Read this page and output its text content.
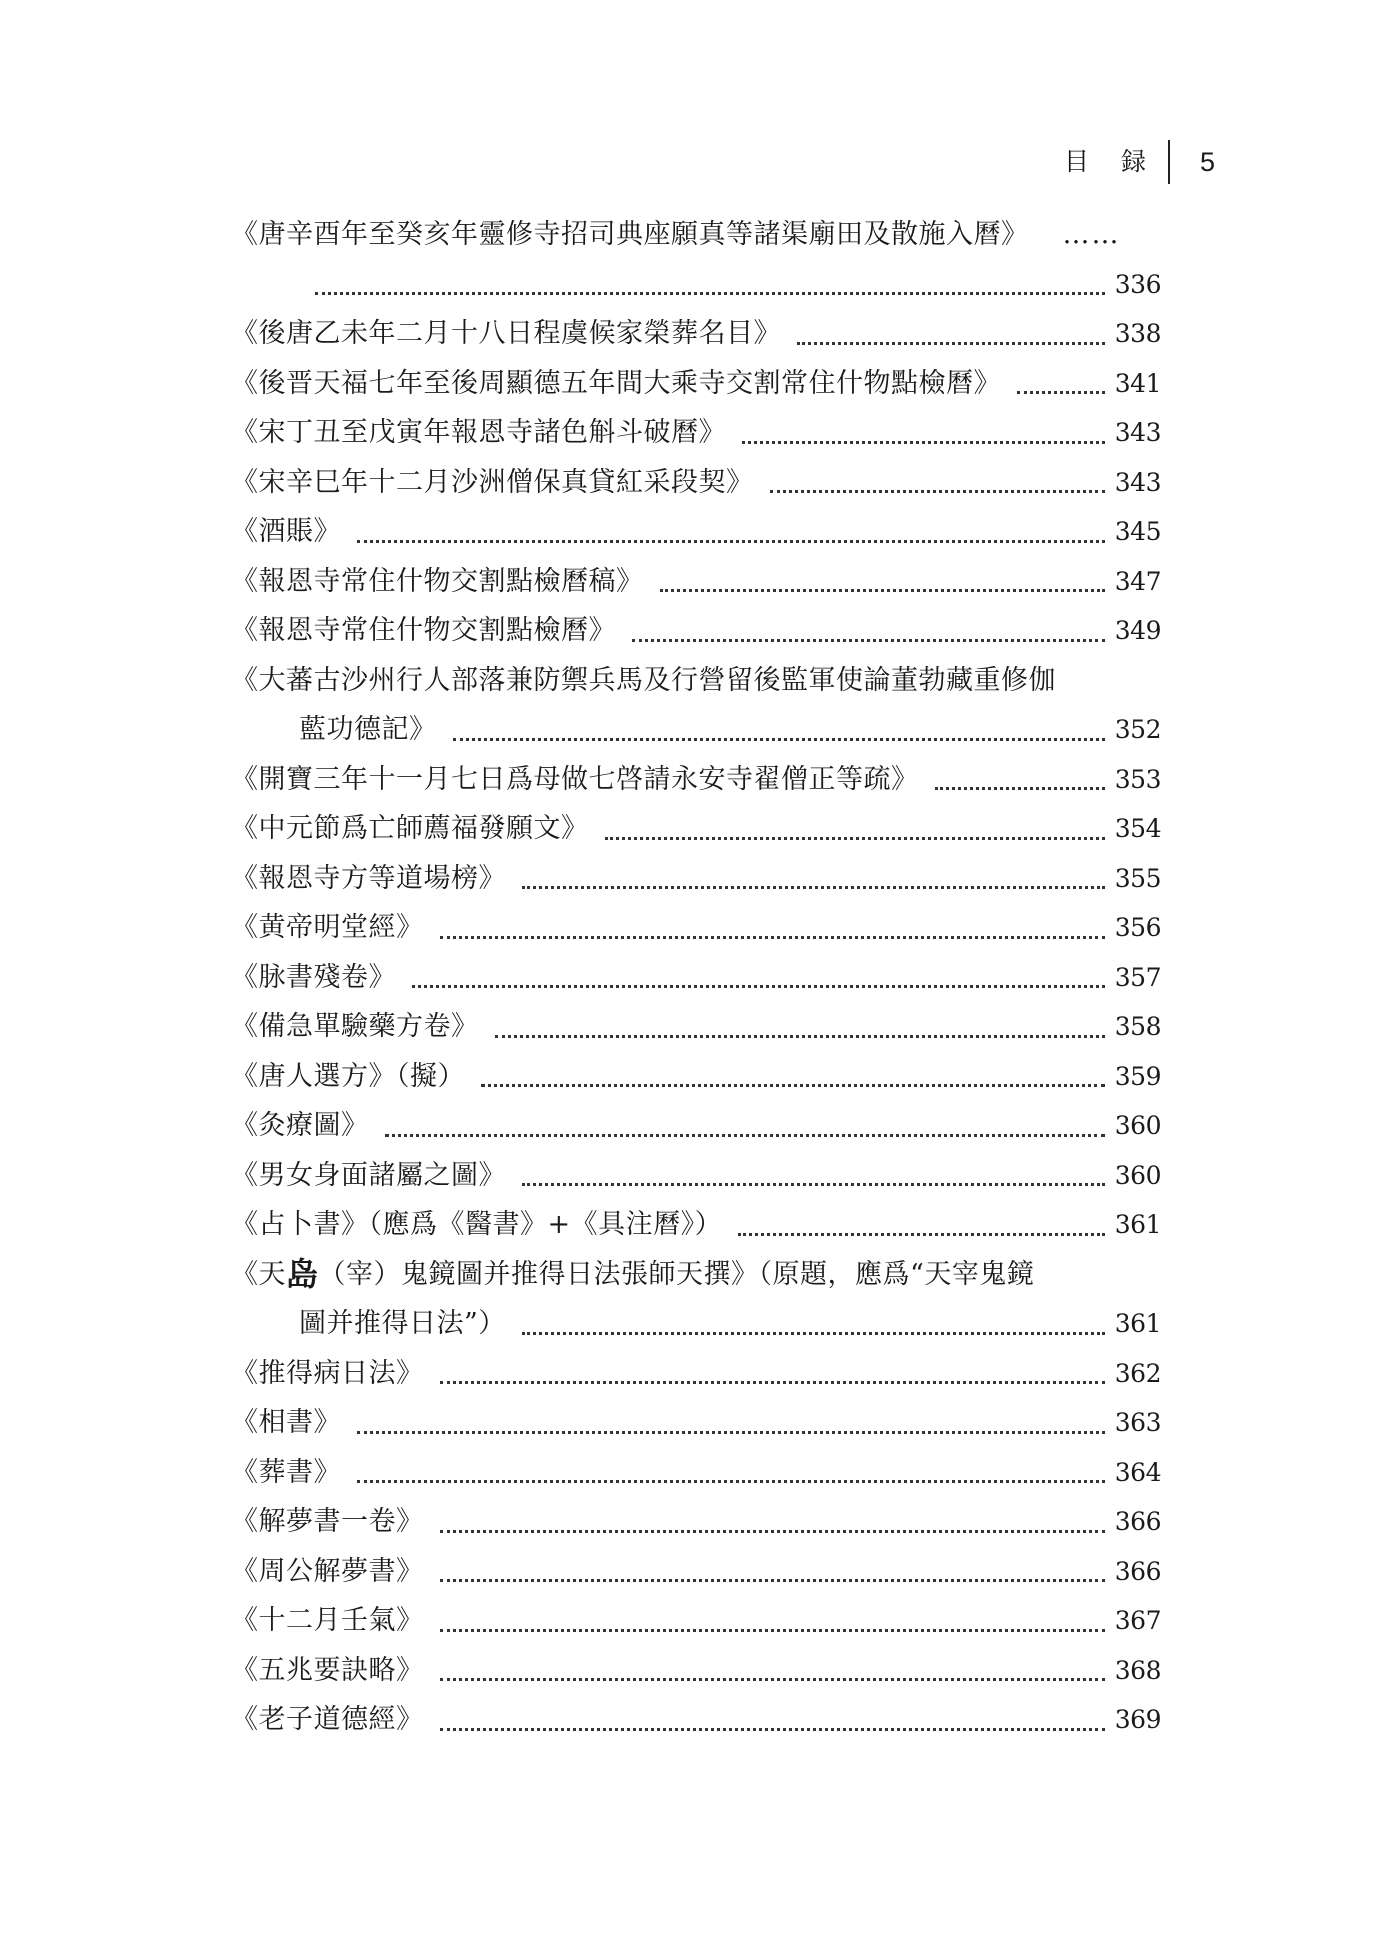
目 録 5
《唐辛酉年至癸亥年靈修寺招司典座願真等諸渠廟田及散施入曆》 ……
336
《後唐乙未年二月十八日程虞候家榮葬名目》	338
《後晋天福七年至後周顯德五年間大乘寺交割常住什物點檢曆》	341
《宋丁丑至戊寅年報恩寺諸色斛斗破曆》	343
《宋辛巳年十二月沙洲僧保真貸紅采段契》	343
《酒賬》	345
《報恩寺常住什物交割點檢曆稿》	347
《報恩寺常住什物交割點檢曆》	349
《大蕃古沙州行人部落兼防禦兵馬及行營留後監軍使論董勃藏重修伽
藍功德記》	352
《開寶三年十一月七日爲母做七啓請永安寺翟僧正等疏》	353
《中元節爲亡師薦福發願文》	354
《報恩寺方等道場榜》	355
《黄帝明堂經》	356
《脉書殘卷》	357
《備急單驗藥方卷》	358
《唐人選方》（擬）	359
《灸療圖》	360
《男女身面諸屬之圖》	360
《占卜書》（應爲《醫書》+《具注曆》）	361
《天𡷊（宰）鬼鏡圖并推得日法張師天撰》（原題，應爲“天宰鬼鏡
圖并推得日法”）	361
《推得病日法》	362
《相書》	363
《葬書》	364
《解夢書一卷》	366
《周公解夢書》	366
《十二月壬氣》	367
《五兆要訣略》	368
《老子道德經》	369
